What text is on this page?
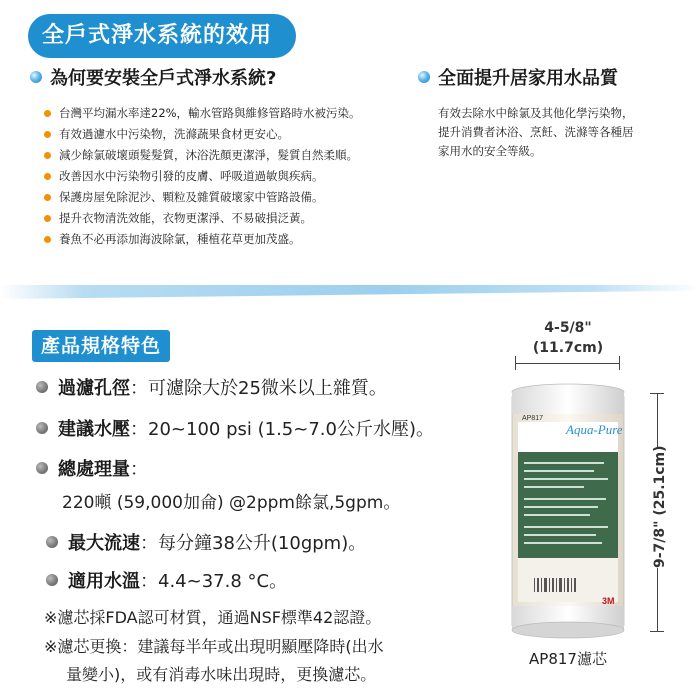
全戶式淨水系統的效用
為何要安裝全戶式淨水系統?
台灣平均漏水率達22%，輸水管路與維修管路時水被污染。
有效過濾水中污染物，洗滌蔬果食材更安心。
減少餘氯破壞頭髮髮質，沐浴洗顏更潔淨，髮質自然柔順。
改善因水中污染物引發的皮膚、呼吸道過敏與疾病。
保護房屋免除泥沙、顆粒及雜質破壞家中管路設備。
提升衣物清洗效能，衣物更潔淨、不易破損泛黃。
養魚不必再添加海波除氯，種植花草更加茂盛。
全面提升居家用水品質
有效去除水中餘氯及其他化學污染物，
提升消費者沐浴、烹飪、洗滌等各種居
家用水的安全等級。
產品規格特色
過濾孔徑：可濾除大於25微米以上雜質。
建議水壓：20~100 psi (1.5~7.0公斤水壓)。
總處理量：
220噸 (59,000加侖) @2ppm餘氯,5gpm。
最大流速：每分鐘38公升(10gpm)。
適用水溫：4.4~37.8 °C。
※濾芯採FDA認可材質，通過NSF標準42認證。
※濾芯更換：建議每半年或出現明顯壓降時(出水
量變小)，或有消毒水味出現時，更換濾芯。
4-5/8"
(11.7cm)
9-7/8" (25.1cm)
AP817
Aqua-Pure
3M
AP817濾芯
